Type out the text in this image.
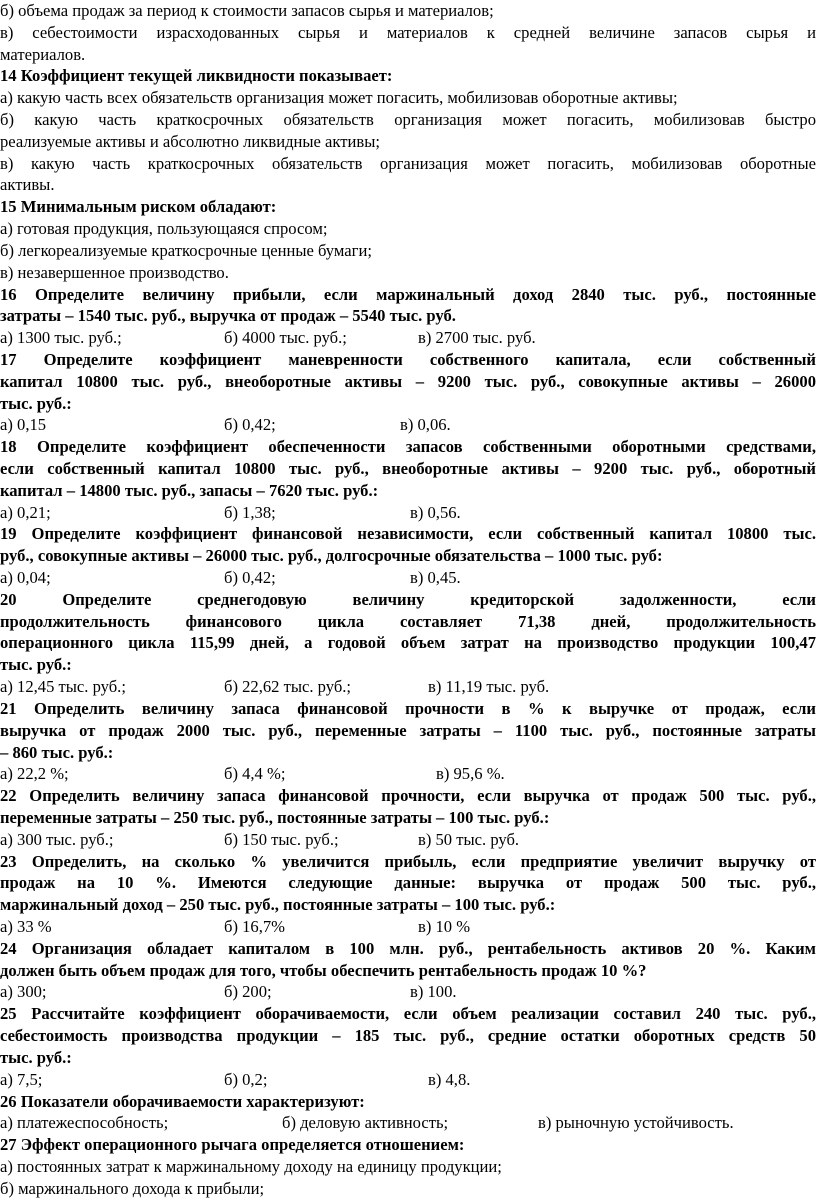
б) объема продаж за период к стоимости запасов сырья и материалов;
в) себестоимости израсходованных сырья и материалов к средней величине запасов сырья и
материалов.
14 Коэффициент текущей ликвидности показывает:
а) какую часть всех обязательств организация может погасить, мобилизовав оборотные активы;
б) какую часть краткосрочных обязательств организация может погасить, мобилизовав быстро
реализуемые активы и абсолютно ликвидные активы;
в) какую часть краткосрочных обязательств организация может погасить, мобилизовав оборотные
активы.
15 Минимальным риском обладают:
а) готовая продукция, пользующаяся спросом;
б) легкореализуемые краткосрочные ценные бумаги;
в) незавершенное производство.
16 Определите величину прибыли, если маржинальный доход 2840 тыс. руб., постоянные
затраты – 1540 тыс. руб., выручка от продаж – 5540 тыс. руб.
а) 1300 тыс. руб.;	б) 4000 тыс. руб.;	в) 2700 тыс. руб.
17 Определите коэффициент маневренности собственного капитала, если собственный
капитал 10800 тыс. руб., внеоборотные активы – 9200 тыс. руб., совокупные активы – 26000
тыс. руб.:
а) 0,15	б) 0,42;	в) 0,06.
18 Определите коэффициент обеспеченности запасов собственными оборотными средствами,
если собственный капитал 10800 тыс. руб., внеоборотные активы – 9200 тыс. руб., оборотный
капитал – 14800 тыс. руб., запасы – 7620 тыс. руб.:
а) 0,21;	б) 1,38;	в) 0,56.
19 Определите коэффициент финансовой независимости, если собственный капитал 10800 тыс.
руб., совокупные активы – 26000 тыс. руб., долгосрочные обязательства – 1000 тыс. руб:
а) 0,04;	б) 0,42;	в) 0,45.
20 Определите среднегодовую величину кредиторской задолженности, если
продолжительность финансового цикла составляет 71,38 дней, продолжительность
операционного цикла 115,99 дней, а годовой объем затрат на производство продукции 100,47
тыс. руб.:
а) 12,45 тыс. руб.;	б) 22,62 тыс. руб.;	в) 11,19 тыс. руб.
21 Определить величину запаса финансовой прочности в % к выручке от продаж, если
выручка от продаж 2000 тыс. руб., переменные затраты – 1100 тыс. руб., постоянные затраты
– 860 тыс. руб.:
а) 22,2 %;	б) 4,4 %;	в) 95,6 %.
22 Определить величину запаса финансовой прочности, если выручка от продаж 500 тыс. руб.,
переменные затраты – 250 тыс. руб., постоянные затраты – 100 тыс. руб.:
а) 300 тыс. руб.;	б) 150 тыс. руб.;	в) 50 тыс. руб.
23 Определить, на сколько % увеличится прибыль, если предприятие увеличит выручку от
продаж на 10 %. Имеются следующие данные: выручка от продаж 500 тыс. руб.,
маржинальный доход – 250 тыс. руб., постоянные затраты – 100 тыс. руб.:
а) 33 %	б) 16,7%	в) 10 %
24 Организация обладает капиталом в 100 млн. руб., рентабельность активов 20 %. Каким
должен быть объем продаж для того, чтобы обеспечить рентабельность продаж 10 %?
а) 300;	б) 200;	в) 100.
25 Рассчитайте коэффициент оборачиваемости, если объем реализации составил 240 тыс. руб.,
себестоимость производства продукции – 185 тыс. руб., средние остатки оборотных средств 50
тыс. руб.:
а) 7,5;	б) 0,2;	в) 4,8.
26 Показатели оборачиваемости характеризуют:
а) платежеспособность;	б) деловую активность;	в) рыночную устойчивость.
27 Эффект операционного рычага определяется отношением:
а) постоянных затрат к маржинальному доходу на единицу продукции;
б) маржинального дохода к прибыли;
